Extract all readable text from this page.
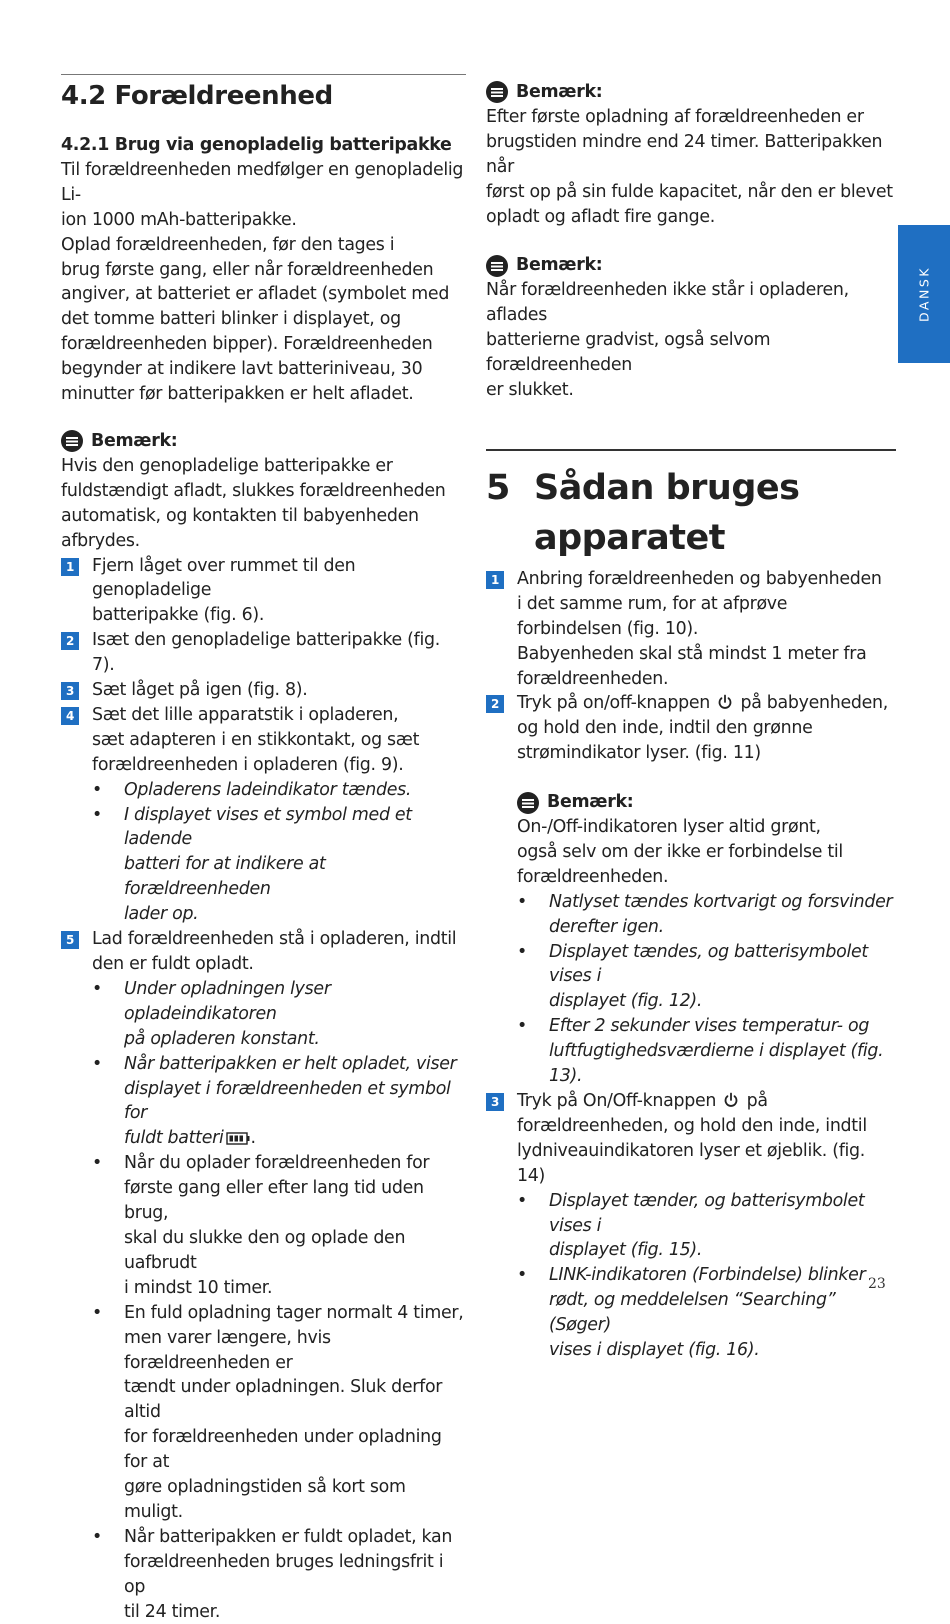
4.2 Forældreenhed
4.2.1 Brug via genopladelig batteripakke
Til forældreenheden medfølger en genopladelig Li-
ion 1000 mAh-batteripakke.
Oplad forældreenheden, før den tages i
brug første gang, eller når forældreenheden
angiver, at batteriet er afladet (symbolet med
det tomme batteri blinker i displayet, og
forældreenheden bipper). Forældreenheden
begynder at indikere lavt batteriniveau, 30
minutter før batteripakken er helt afladet.
Bemærk:
Hvis den genopladelige batteripakke er
fuldstændigt afladt, slukkes forældreenheden
automatisk, og kontakten til babyenheden
afbrydes.
1 Fjern låget over rummet til den genopladelige
batteripakke (fig. 6).
2 Isæt den genopladelige batteripakke (fig. 7).
3 Sæt låget på igen (fig. 8).
4 Sæt det lille apparatstik i opladeren,
sæt adapteren i en stikkontakt, og sæt
forældreenheden i opladeren (fig. 9).
• Opladerens ladeindikator tændes.
• I displayet vises et symbol med et ladende
batteri for at indikere at forældreenheden
lader op.
5 Lad forældreenheden stå i opladeren, indtil
den er fuldt opladt.
• Under opladningen lyser opladeindikatoren
på opladeren konstant.
• Når batteripakken er helt opladet, viser
displayet i forældreenheden et symbol for
fuldt batteri .
• Når du oplader forældreenheden for
første gang eller efter lang tid uden brug,
skal du slukke den og oplade den uafbrudt
i mindst 10 timer.
• En fuld opladning tager normalt 4 timer,
men varer længere, hvis forældreenheden er
tændt under opladningen. Sluk derfor altid
for forældreenheden under opladning for at
gøre opladningstiden så kort som muligt.
• Når batteripakken er fuldt opladet, kan
forældreenheden bruges ledningsfrit i op
til 24 timer.
Bemærk:
Efter første opladning af forældreenheden er
brugstiden mindre end 24 timer. Batteripakken når
først op på sin fulde kapacitet, når den er blevet
opladt og afladt fire gange.
Bemærk:
Når forældreenheden ikke står i opladeren, aflades
batterierne gradvist, også selvom forældreenheden
er slukket.
5 Sådan bruges
apparatet
1 Anbring forældreenheden og babyenheden
i det samme rum, for at afprøve
forbindelsen (fig. 10).
Babyenheden skal stå mindst 1 meter fra
forældreenheden.
2 Tryk på on/off-knappen på babyenheden,
og hold den inde, indtil den grønne
strømindikator lyser. (fig. 11)
Bemærk:
On-/Off-indikatoren lyser altid grønt,
også selv om der ikke er forbindelse til
forældreenheden.
• Natlyset tændes kortvarigt og forsvinder
derefter igen.
• Displayet tændes, og batterisymbolet vises i
displayet (fig. 12).
• Efter 2 sekunder vises temperatur- og
luftfugtighedsværdierne i displayet (fig. 13).
3 Tryk på On/Off-knappen på
forældreenheden, og hold den inde, indtil
lydniveauindikatoren lyser et øjeblik. (fig. 14)
• Displayet tænder, og batterisymbolet vises i
displayet (fig. 15).
• LINK-indikatoren (Forbindelse) blinker
rødt, og meddelelsen “Searching” (Søger)
vises i displayet (fig. 16).
DANSK
23
